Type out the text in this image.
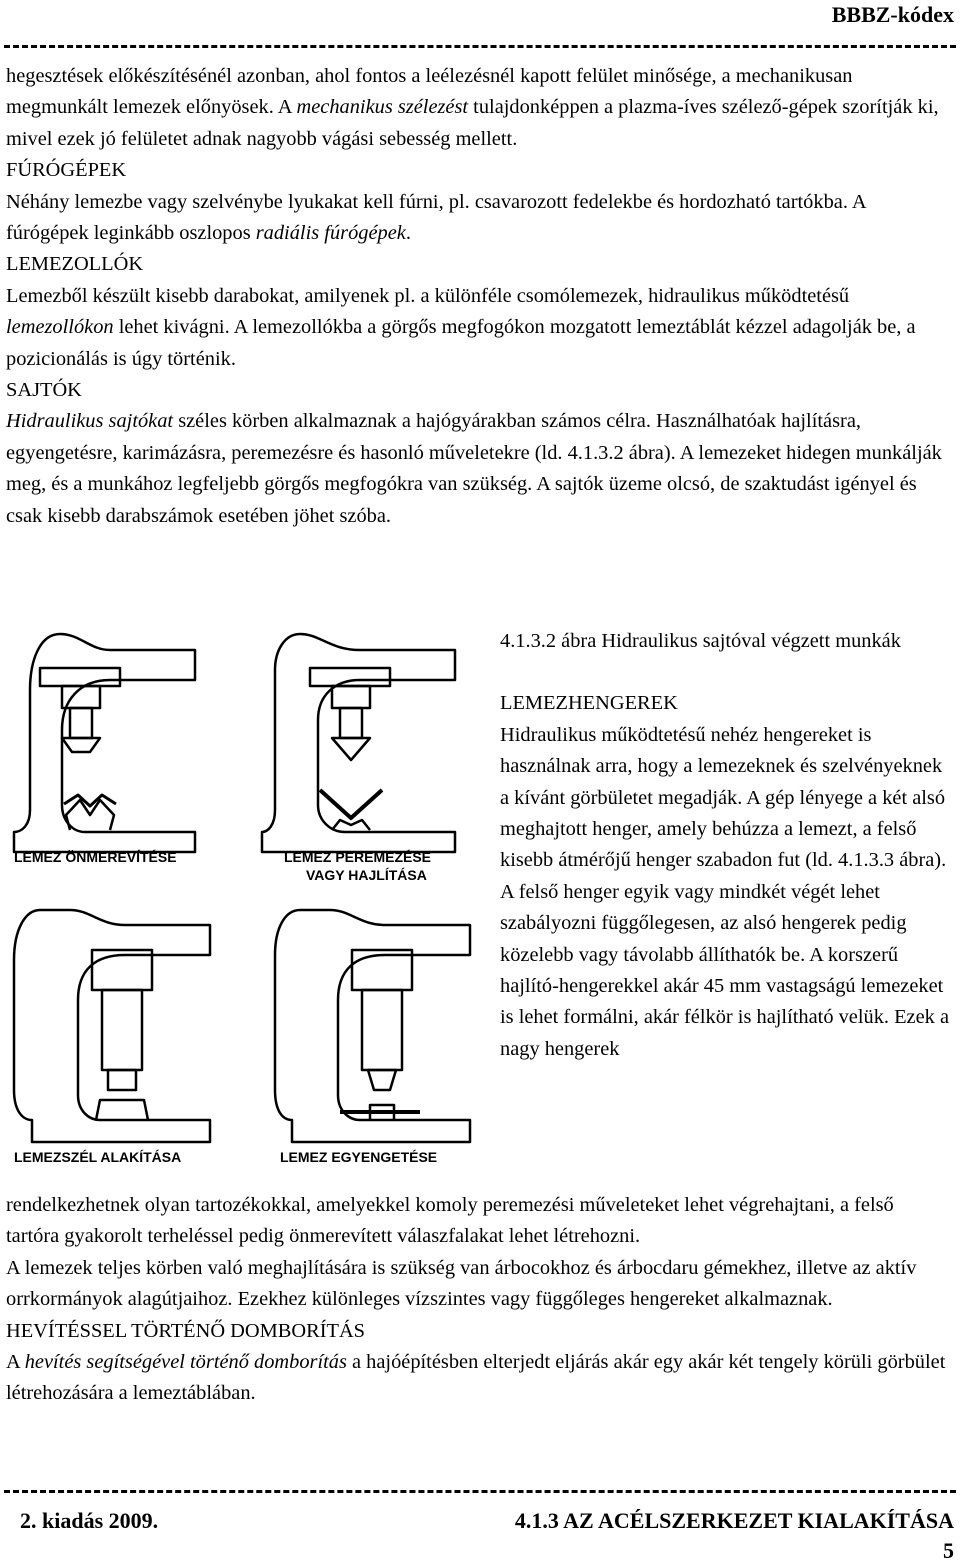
BBBZ-kódex

hegesztések előkészítésénél azonban, ahol fontos a leélezésnél kapott felület minősége, a mechanikusan megmunkált lemezek előnyösek. A mechanikus szélezést tulajdonképpen a plazma-íves szélező-gépek szorítják ki, mivel ezek jó felületet adnak nagyobb vágási sebesség mellett.

FÚRÓGÉPEK

Néhány lemezbe vagy szelvénybe lyukakat kell fúrni, pl. csavarozott fedelekbe és hordozható tartókba. A fúrógépek leginkább oszlopos radiális fúrógépek.

LEMEZOLLÓK

Lemezből készült kisebb darabokat, amilyenek pl. a különféle csomólemezek, hidraulikus működtetésű lemezollókon lehet kivágni. A lemezollókba a görgős megfogókon mozgatott lemeztáblát kézzel adagolják be, a pozicionálás is úgy történik.

SAJTÓK

Hidraulikus sajtókat széles körben alkalmaznak a hajógyárakban számos célra. Használhatóak hajlításra, egyengetésre, karimázásra, peremezésre és hasonló műveletekre (ld. 4.1.3.2 ábra). A lemezeket hidegen munkálják meg, és a munkához legfeljebb görgős megfogókra van szükség. A sajtók üzeme olcsó, de szaktudást igényel és csak kisebb darabszámok esetében jöhet szóba.

LEMEZ ÖNMEREVÍTÉSE	LEMEZ PEREMEZÉSE
VAGY HAJLÍTÁSA
LEMEZSZÉL ALAKÍTÁSA	LEMEZ EGYENGETÉSE

4.1.3.2 ábra Hidraulikus sajtóval végzett munkák

LEMEZHENGEREK

Hidraulikus működtetésű nehéz hengereket is használnak arra, hogy a lemezeknek és szelvényeknek a kívánt görbületet megadják. A gép lényege a két alsó meghajtott henger, amely behúzza a lemezt, a felső kisebb átmérőjű henger szabadon fut (ld. 4.1.3.3 ábra). A felső henger egyik vagy mindkét végét lehet szabályozni függőlegesen, az alsó hengerek pedig közelebb vagy távolabb állíthatók be. A korszerű hajlító-hengerekkel akár 45 mm vastagságú lemezeket is lehet formálni, akár félkör is hajlítható velük. Ezek a nagy hengerek

rendelkezhetnek olyan tartozékokkal, amelyekkel komoly peremezési műveleteket lehet végrehajtani, a felső tartóra gyakorolt terheléssel pedig önmerevített válaszfalakat lehet létrehozni.

A lemezek teljes körben való meghajlítására is szükség van árbocokhoz és árbocdaru gémekhez, illetve az aktív orrkormányok alagútjaihoz. Ezekhez különleges vízszintes vagy függőleges hengereket alkalmaznak.

HEVÍTÉSSEL TÖRTÉNŐ DOMBORÍTÁS

A hevítés segítségével történő domborítás a hajóépítésben elterjedt eljárás akár egy akár két tengely körüli görbület létrehozására a lemeztáblában.

2. kiadás 2009.	4.1.3 AZ ACÉLSZERKEZET KIALAKÍTÁSA
5
